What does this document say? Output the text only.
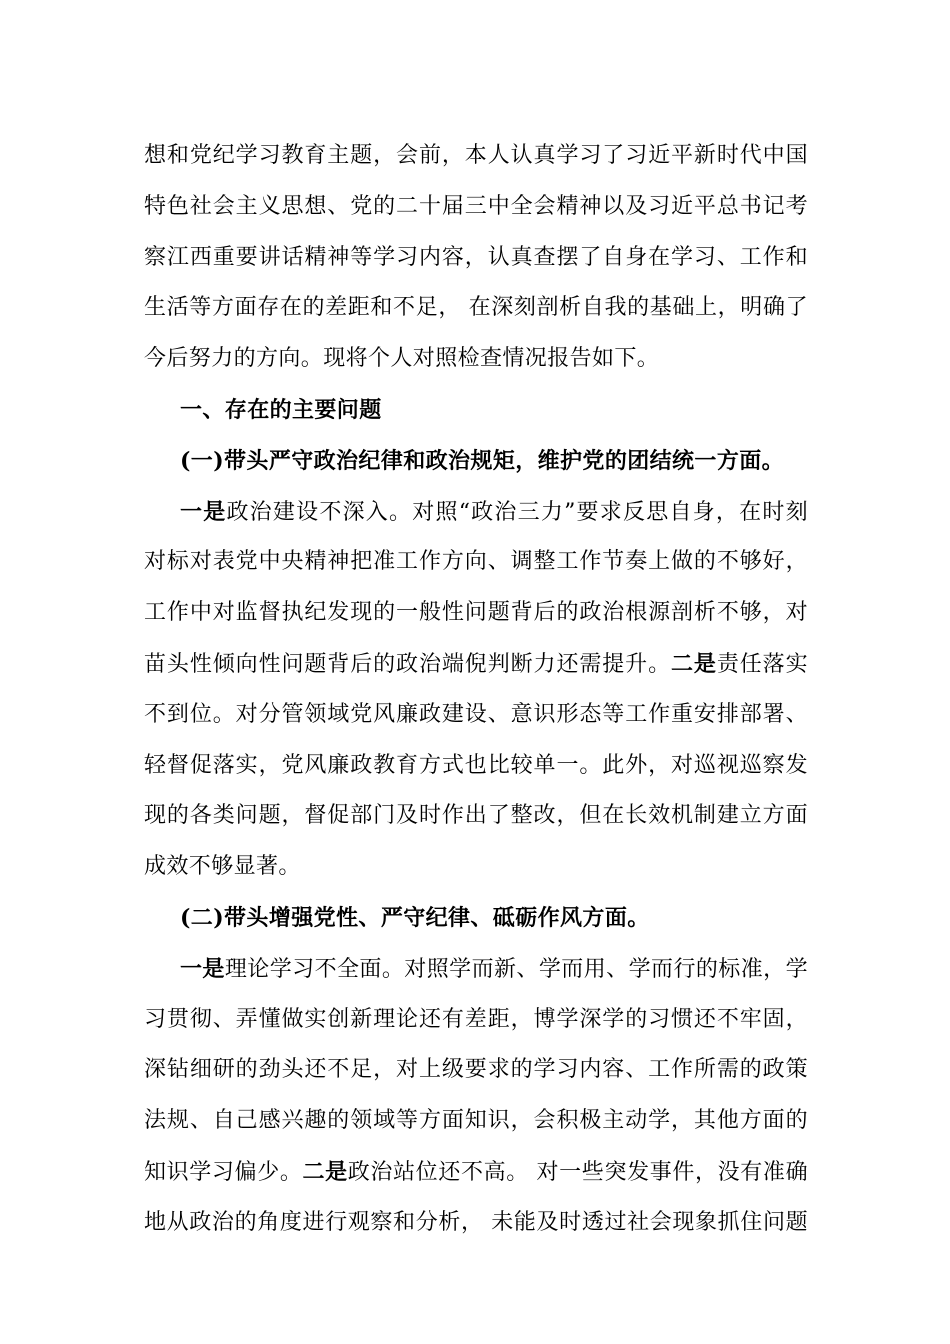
想和党纪学习教育主题，会前，本人认真学习了习近平新时代中国
特色社会主义思想、党的二十届三中全会精神以及习近平总书记考
察江西重要讲话精神等学习内容，认真查摆了自身在学习、工作和
生活等方面存在的差距和不足， 在深刻剖析自我的基础上，明确了
今后努力的方向。现将个人对照检查情况报告如下。
一、存在的主要问题
(一)带头严守政治纪律和政治规矩，维护党的团结统一方面。
一是政治建设不深入。对照“政治三力”要求反思自身，在时刻
对标对表党中央精神把准工作方向、调整工作节奏上做的不够好，
工作中对监督执纪发现的一般性问题背后的政治根源剖析不够，对
苗头性倾向性问题背后的政治端倪判断力还需提升。二是责任落实
不到位。对分管领域党风廉政建设、意识形态等工作重安排部署、
轻督促落实，党风廉政教育方式也比较单一。此外，对巡视巡察发
现的各类问题，督促部门及时作出了整改，但在长效机制建立方面
成效不够显著。
(二)带头增强党性、严守纪律、砥砺作风方面。
一是理论学习不全面。对照学而新、学而用、学而行的标准，学
习贯彻、弄懂做实创新理论还有差距，博学深学的习惯还不牢固，
深钻细研的劲头还不足，对上级要求的学习内容、工作所需的政策
法规、自己感兴趣的领域等方面知识，会积极主动学，其他方面的
知识学习偏少。二是政治站位还不高。 对一些突发事件，没有准确
地从政治的角度进行观察和分析， 未能及时透过社会现象抓住问题
